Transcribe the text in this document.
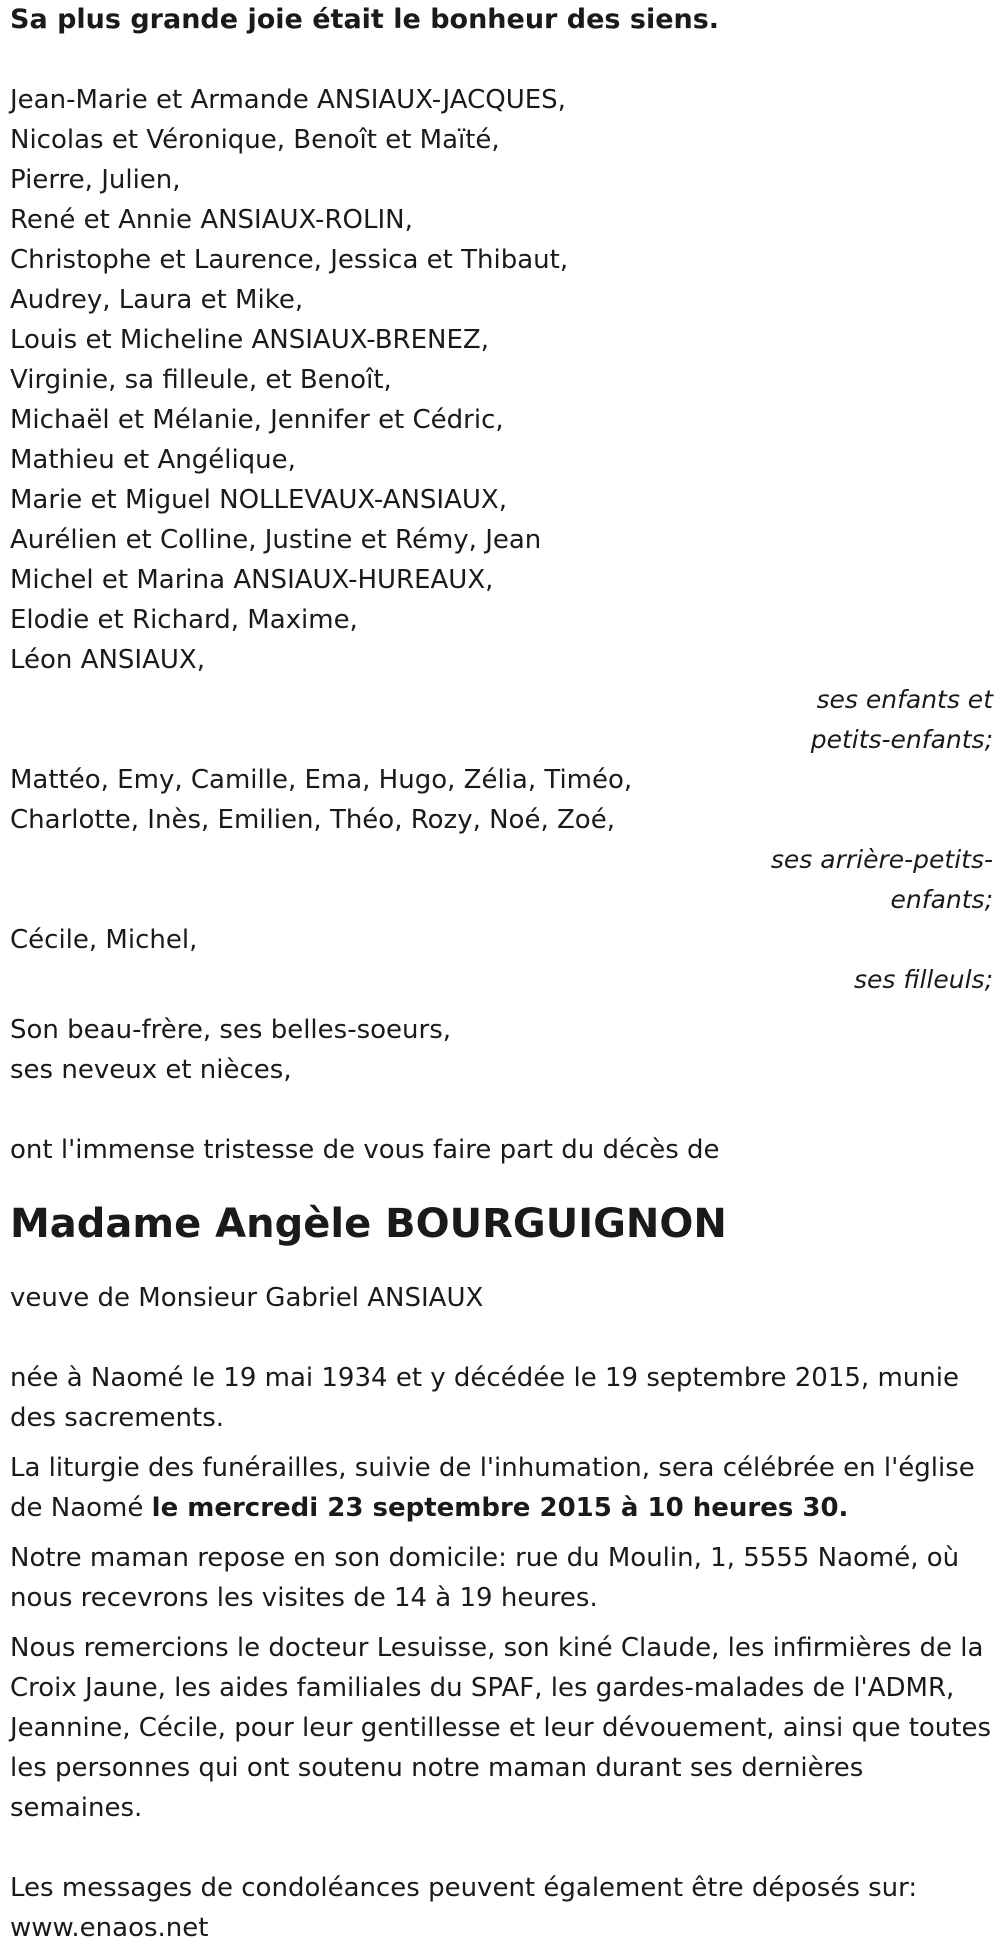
Sa plus grande joie était le bonheur des siens.
Jean-Marie et Armande ANSIAUX-JACQUES,
Nicolas et Véronique, Benoît et Maïté,
Pierre, Julien,
René et Annie ANSIAUX-ROLIN,
Christophe et Laurence, Jessica et Thibaut,
Audrey, Laura et Mike,
Louis et Micheline ANSIAUX-BRENEZ,
Virginie, sa filleule, et Benoît,
Michaël et Mélanie, Jennifer et Cédric,
Mathieu et Angélique,
Marie et Miguel NOLLEVAUX-ANSIAUX,
Aurélien et Colline, Justine et Rémy, Jean
Michel et Marina ANSIAUX-HUREAUX,
Elodie et Richard, Maxime,
Léon ANSIAUX,
ses enfants et
petits-enfants;
Mattéo, Emy, Camille, Ema, Hugo, Zélia, Timéo,
Charlotte, Inès, Emilien, Théo, Rozy, Noé, Zoé,
ses arrière-petits-
enfants;
Cécile, Michel,
ses filleuls;
Son beau-frère, ses belles-soeurs,
ses neveux et nièces,
ont l'immense tristesse de vous faire part du décès de
Madame Angèle BOURGUIGNON
veuve de Monsieur Gabriel ANSIAUX
née à Naomé le 19 mai 1934 et y décédée le 19 septembre 2015, munie des sacrements.
La liturgie des funérailles, suivie de l'inhumation, sera célébrée en l'église de Naomé le mercredi 23 septembre 2015 à 10 heures 30.
Notre maman repose en son domicile: rue du Moulin, 1, 5555 Naomé, où nous recevrons les visites de 14 à 19 heures.
Nous remercions le docteur Lesuisse, son kiné Claude, les infirmières de la Croix Jaune, les aides familiales du SPAF, les gardes-malades de l'ADMR, Jeannine, Cécile, pour leur gentillesse et leur dévouement, ainsi que toutes les personnes qui ont soutenu notre maman durant ses dernières semaines.
Les messages de condoléances peuvent également être déposés sur:
www.enaos.net
